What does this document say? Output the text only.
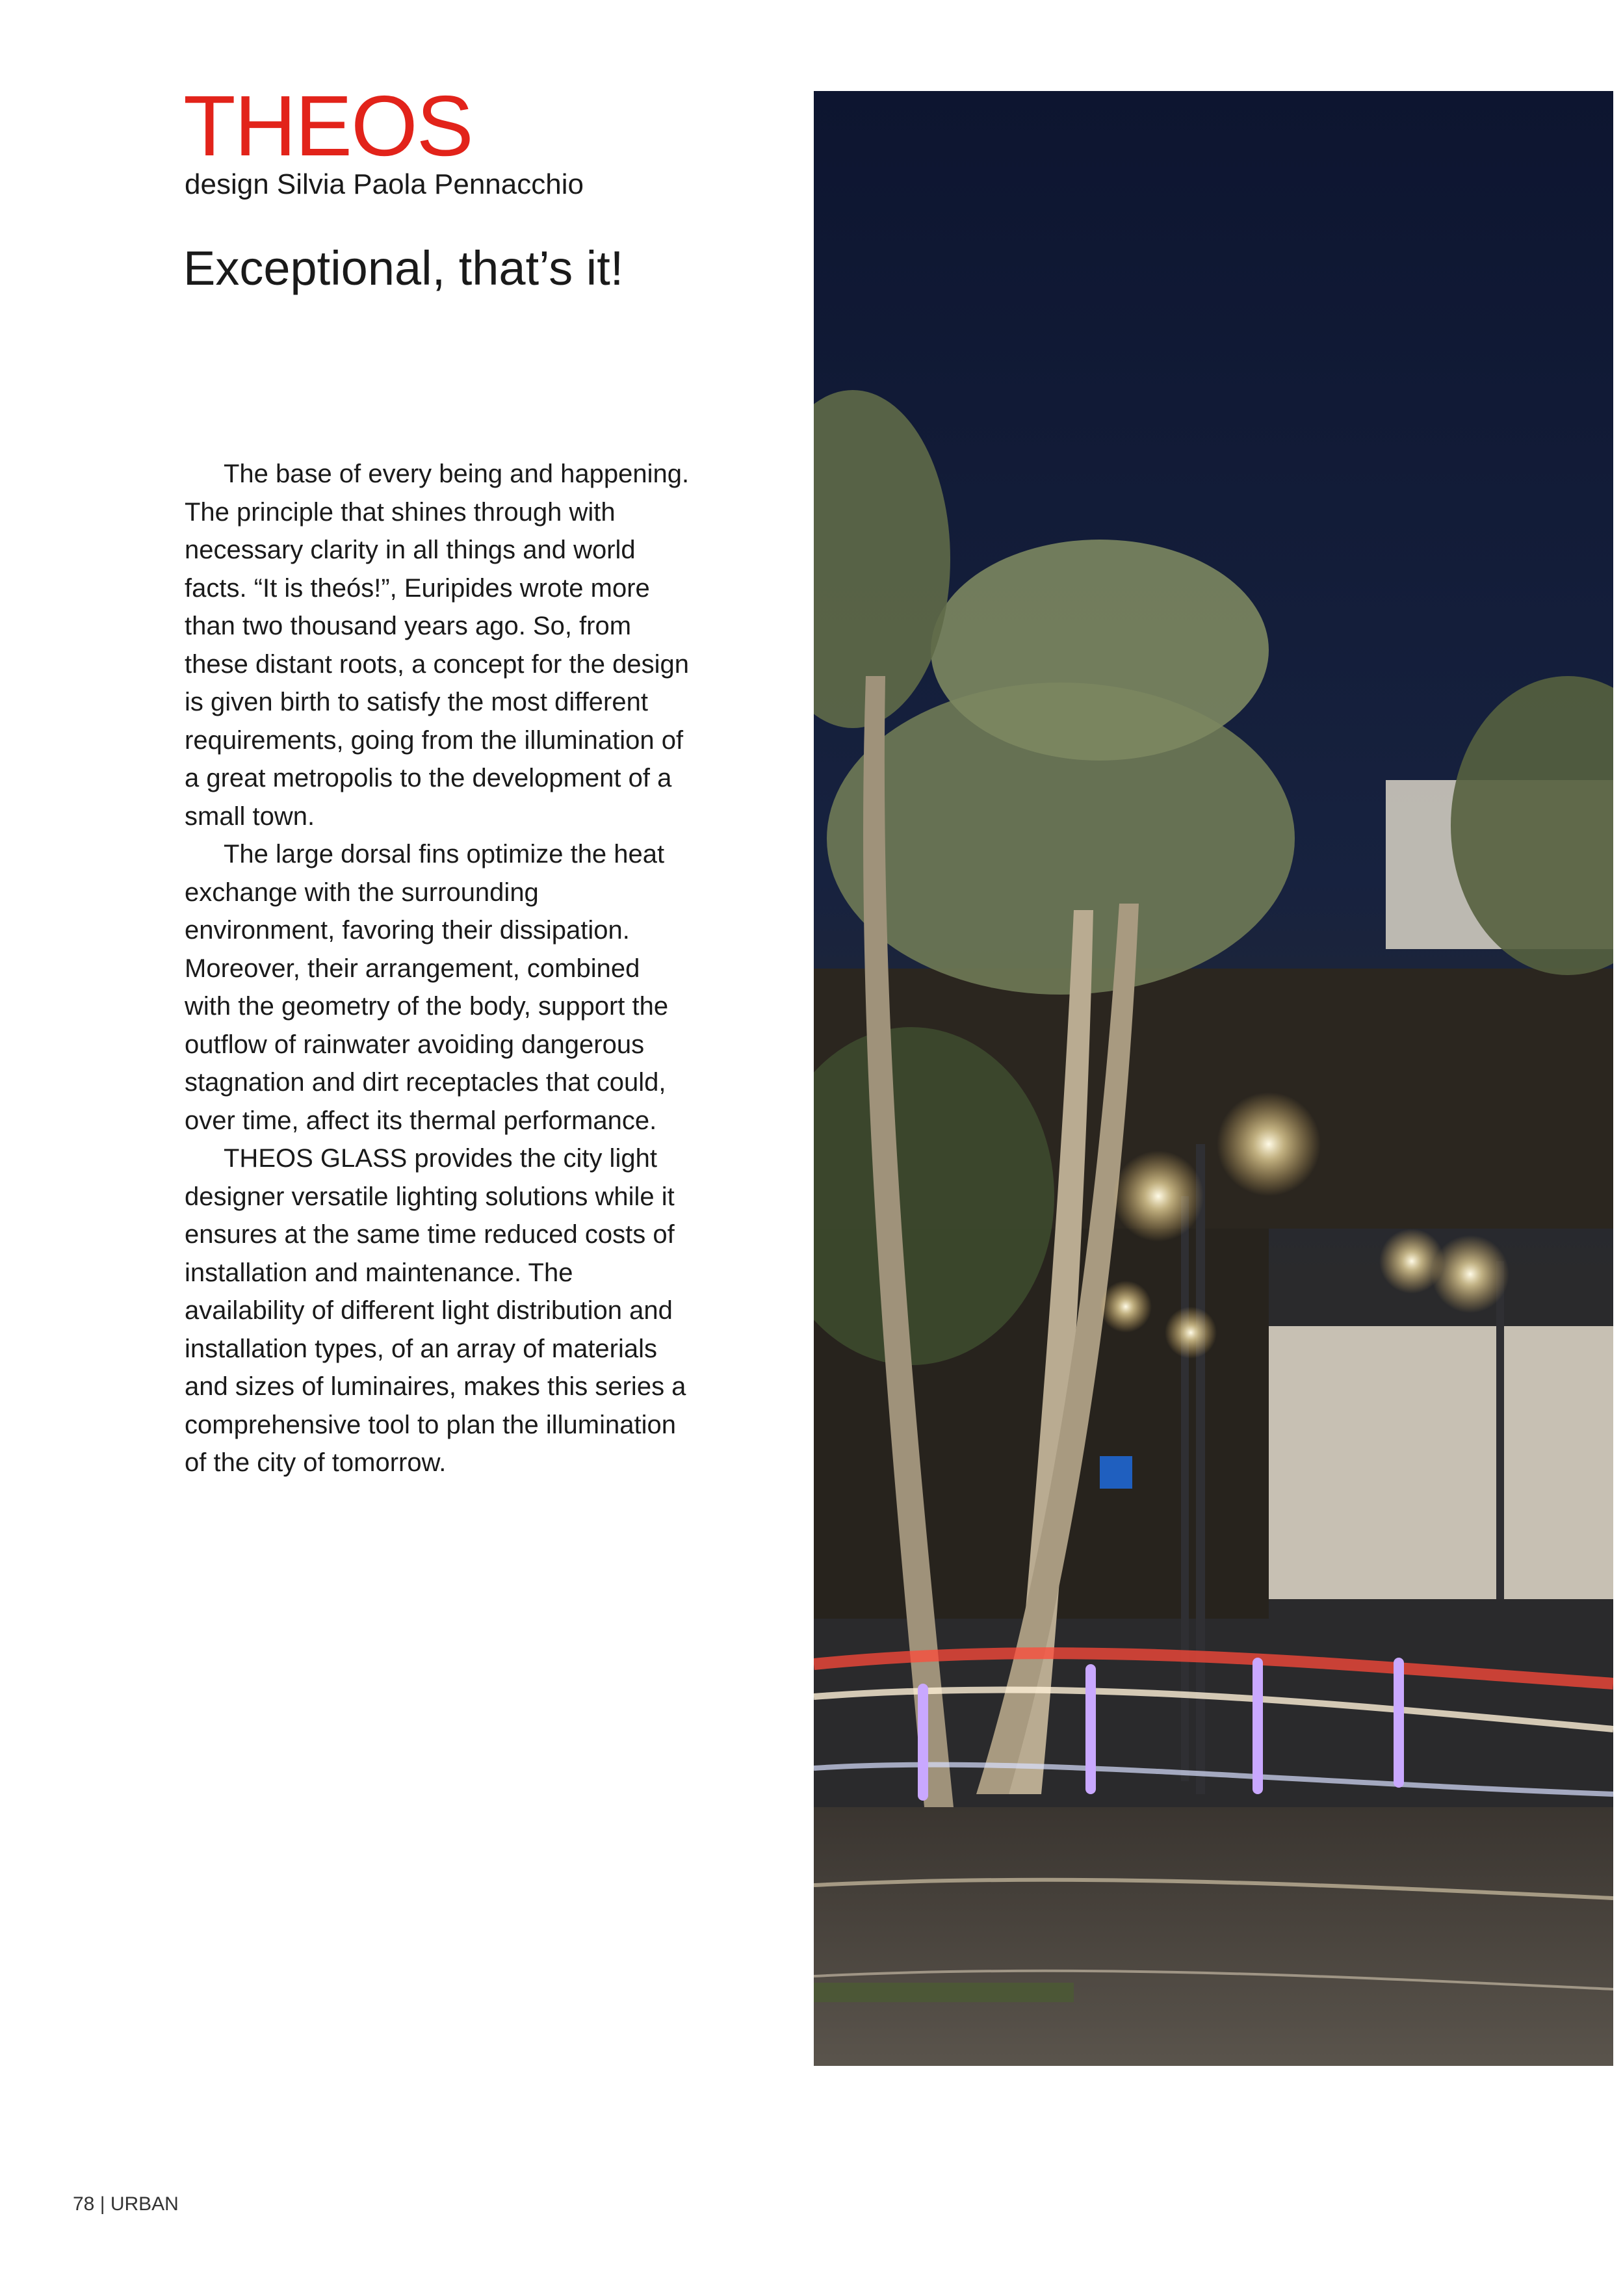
THEOS
design Silvia Paola Pennacchio
Exceptional, that’s it!

The base of every being and happening. The principle that shines through with necessary clarity in all things and world facts. “It is theós!”, Euripides wrote more than two thousand years ago. So, from these distant roots, a concept for the design is given birth to satisfy the most different requirements, going from the illumination of a great metropolis to the development of a small town.

The large dorsal fins optimize the heat exchange with the surrounding environment, favoring their dissipation. Moreover, their arrangement, combined with the geometry of the body, support the outflow of rainwater avoiding dangerous stagnation and dirt receptacles that could, over time, affect its thermal performance.

THEOS GLASS provides the city light designer versatile lighting solutions while it ensures at the same time reduced costs of installation and maintenance. The availability of different light distribution and installation types, of an array of materials and sizes of luminaires, makes this series a comprehensive tool to plan the illumination of the city of tomorrow.

78 | URBAN
